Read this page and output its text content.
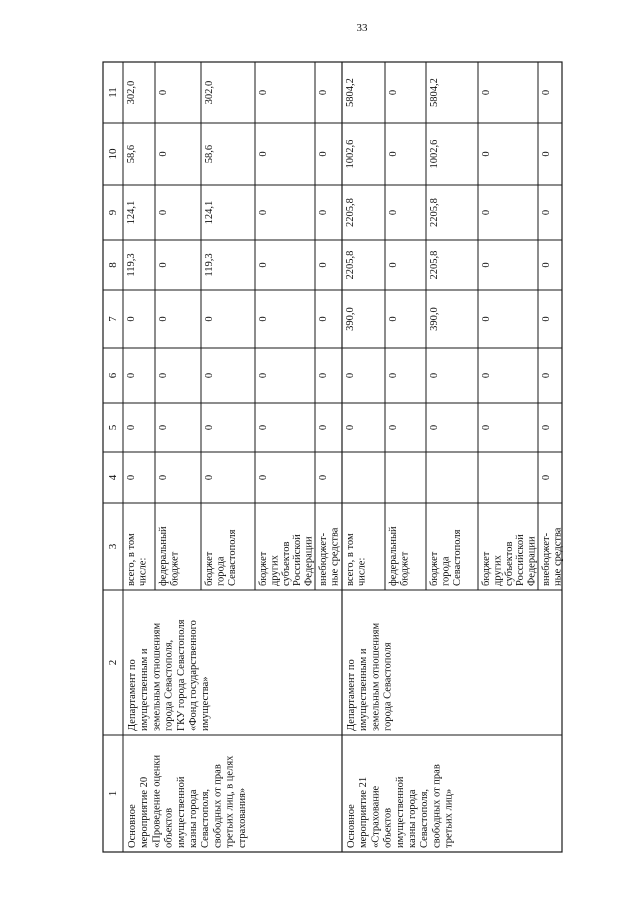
33
1
2
3
4
5
6
7
8
9
10
11
Основное мероприятие 20 «Проведение оценки объектов имущественной казны города Севастополя, свободных от прав третьих лиц, в целях страхования»
Департамент по имущественным и земельным отношениям города Севастополя, ГКУ города Севастополя «Фонд государственного имущества»
всего, в том числе:
0
0
0
0
119,3
124,1
58,6
302,0
федеральный бюджет
0
0
0
0
0
0
0
0
бюджет города Севастополя
0
0
0
0
119,3
124,1
58,6
302,0
бюджет других субъектов Российской Федерации
0
0
0
0
0
0
0
0
внебюджет- ные средства
0
0
0
0
0
0
0
0
Основное мероприятие 21 «Страхование объектов имущественной казны города Севастополя, свободных от прав третьих лиц»
Департамент по имущественным и земельным отношениям города Севастополя
всего, в том числе:
0
0
390,0
2205,8
2205,8
1002,6
5804,2
федеральный бюджет
0
0
0
0
0
0
0
бюджет города Севастополя
0
0
390,0
2205,8
2205,8
1002,6
5804,2
бюджет других субъектов Российской Федерации
0
0
0
0
0
0
0
внебюджет- ные средства
0
0
0
0
0
0
0
0
